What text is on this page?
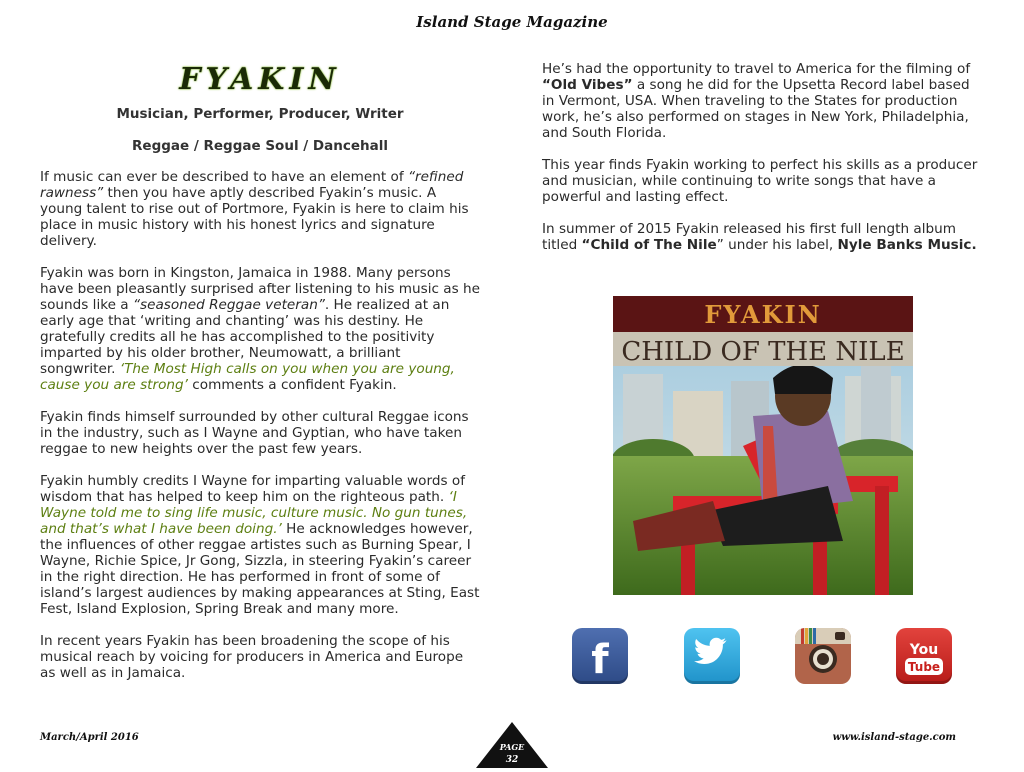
Island Stage Magazine
FYAKIN
Musician, Performer, Producer, Writer
Reggae / Reggae Soul / Dancehall

If music can ever be described to have an element of “refined rawness” then you have aptly described Fyakin’s music. A young talent to rise out of Portmore, Fyakin is here to claim his place in music history with his honest lyrics and signature delivery.

Fyakin was born in Kingston, Jamaica in 1988. Many persons have been pleasantly surprised after listening to his music as he sounds like a “seasoned Reggae veteran”. He realized at an early age that ‘writing and chanting’ was his destiny. He gratefully credits all he has accomplished to the positivity imparted by his older brother, Neumowatt, a brilliant songwriter. ‘The Most High calls on you when you are young, cause you are strong’ comments a confident Fyakin.

Fyakin finds himself surrounded by other cultural Reggae icons in the industry, such as I Wayne and Gyptian, who have taken reggae to new heights over the past few years.

Fyakin humbly credits I Wayne for imparting valuable words of wisdom that has helped to keep him on the righteous path. ‘I Wayne told me to sing life music, culture music. No gun tunes, and that’s what I have been doing.’ He acknowledges however, the influences of other reggae artistes such as Burning Spear, I Wayne, Richie Spice, Jr Gong, Sizzla, in steering Fyakin’s career in the right direction. He has performed in front of some of island’s largest audiences by making appearances at Sting, East Fest, Island Explosion, Spring Break and many more.

In recent years Fyakin has been broadening the scope of his musical reach by voicing for producers in America and Europe as well as in Jamaica.

He’s had the opportunity to travel to America for the filming of “Old Vibes” a song he did for the Upsetta Record label based in Vermont, USA. When traveling to the States for production work, he’s also performed on stages in New York, Philadelphia, and South Florida.

This year finds Fyakin working to perfect his skills as a producer and musician, while continuing to write songs that have a powerful and lasting effect.

In summer of 2015 Fyakin released his first full length album titled “Child of The Nile” under his label, Nyle Banks Music.

FYAKIN
CHILD OF THE NILE
f	You
Tube
March/April 2016
PAGE
32
www.island-stage.com
